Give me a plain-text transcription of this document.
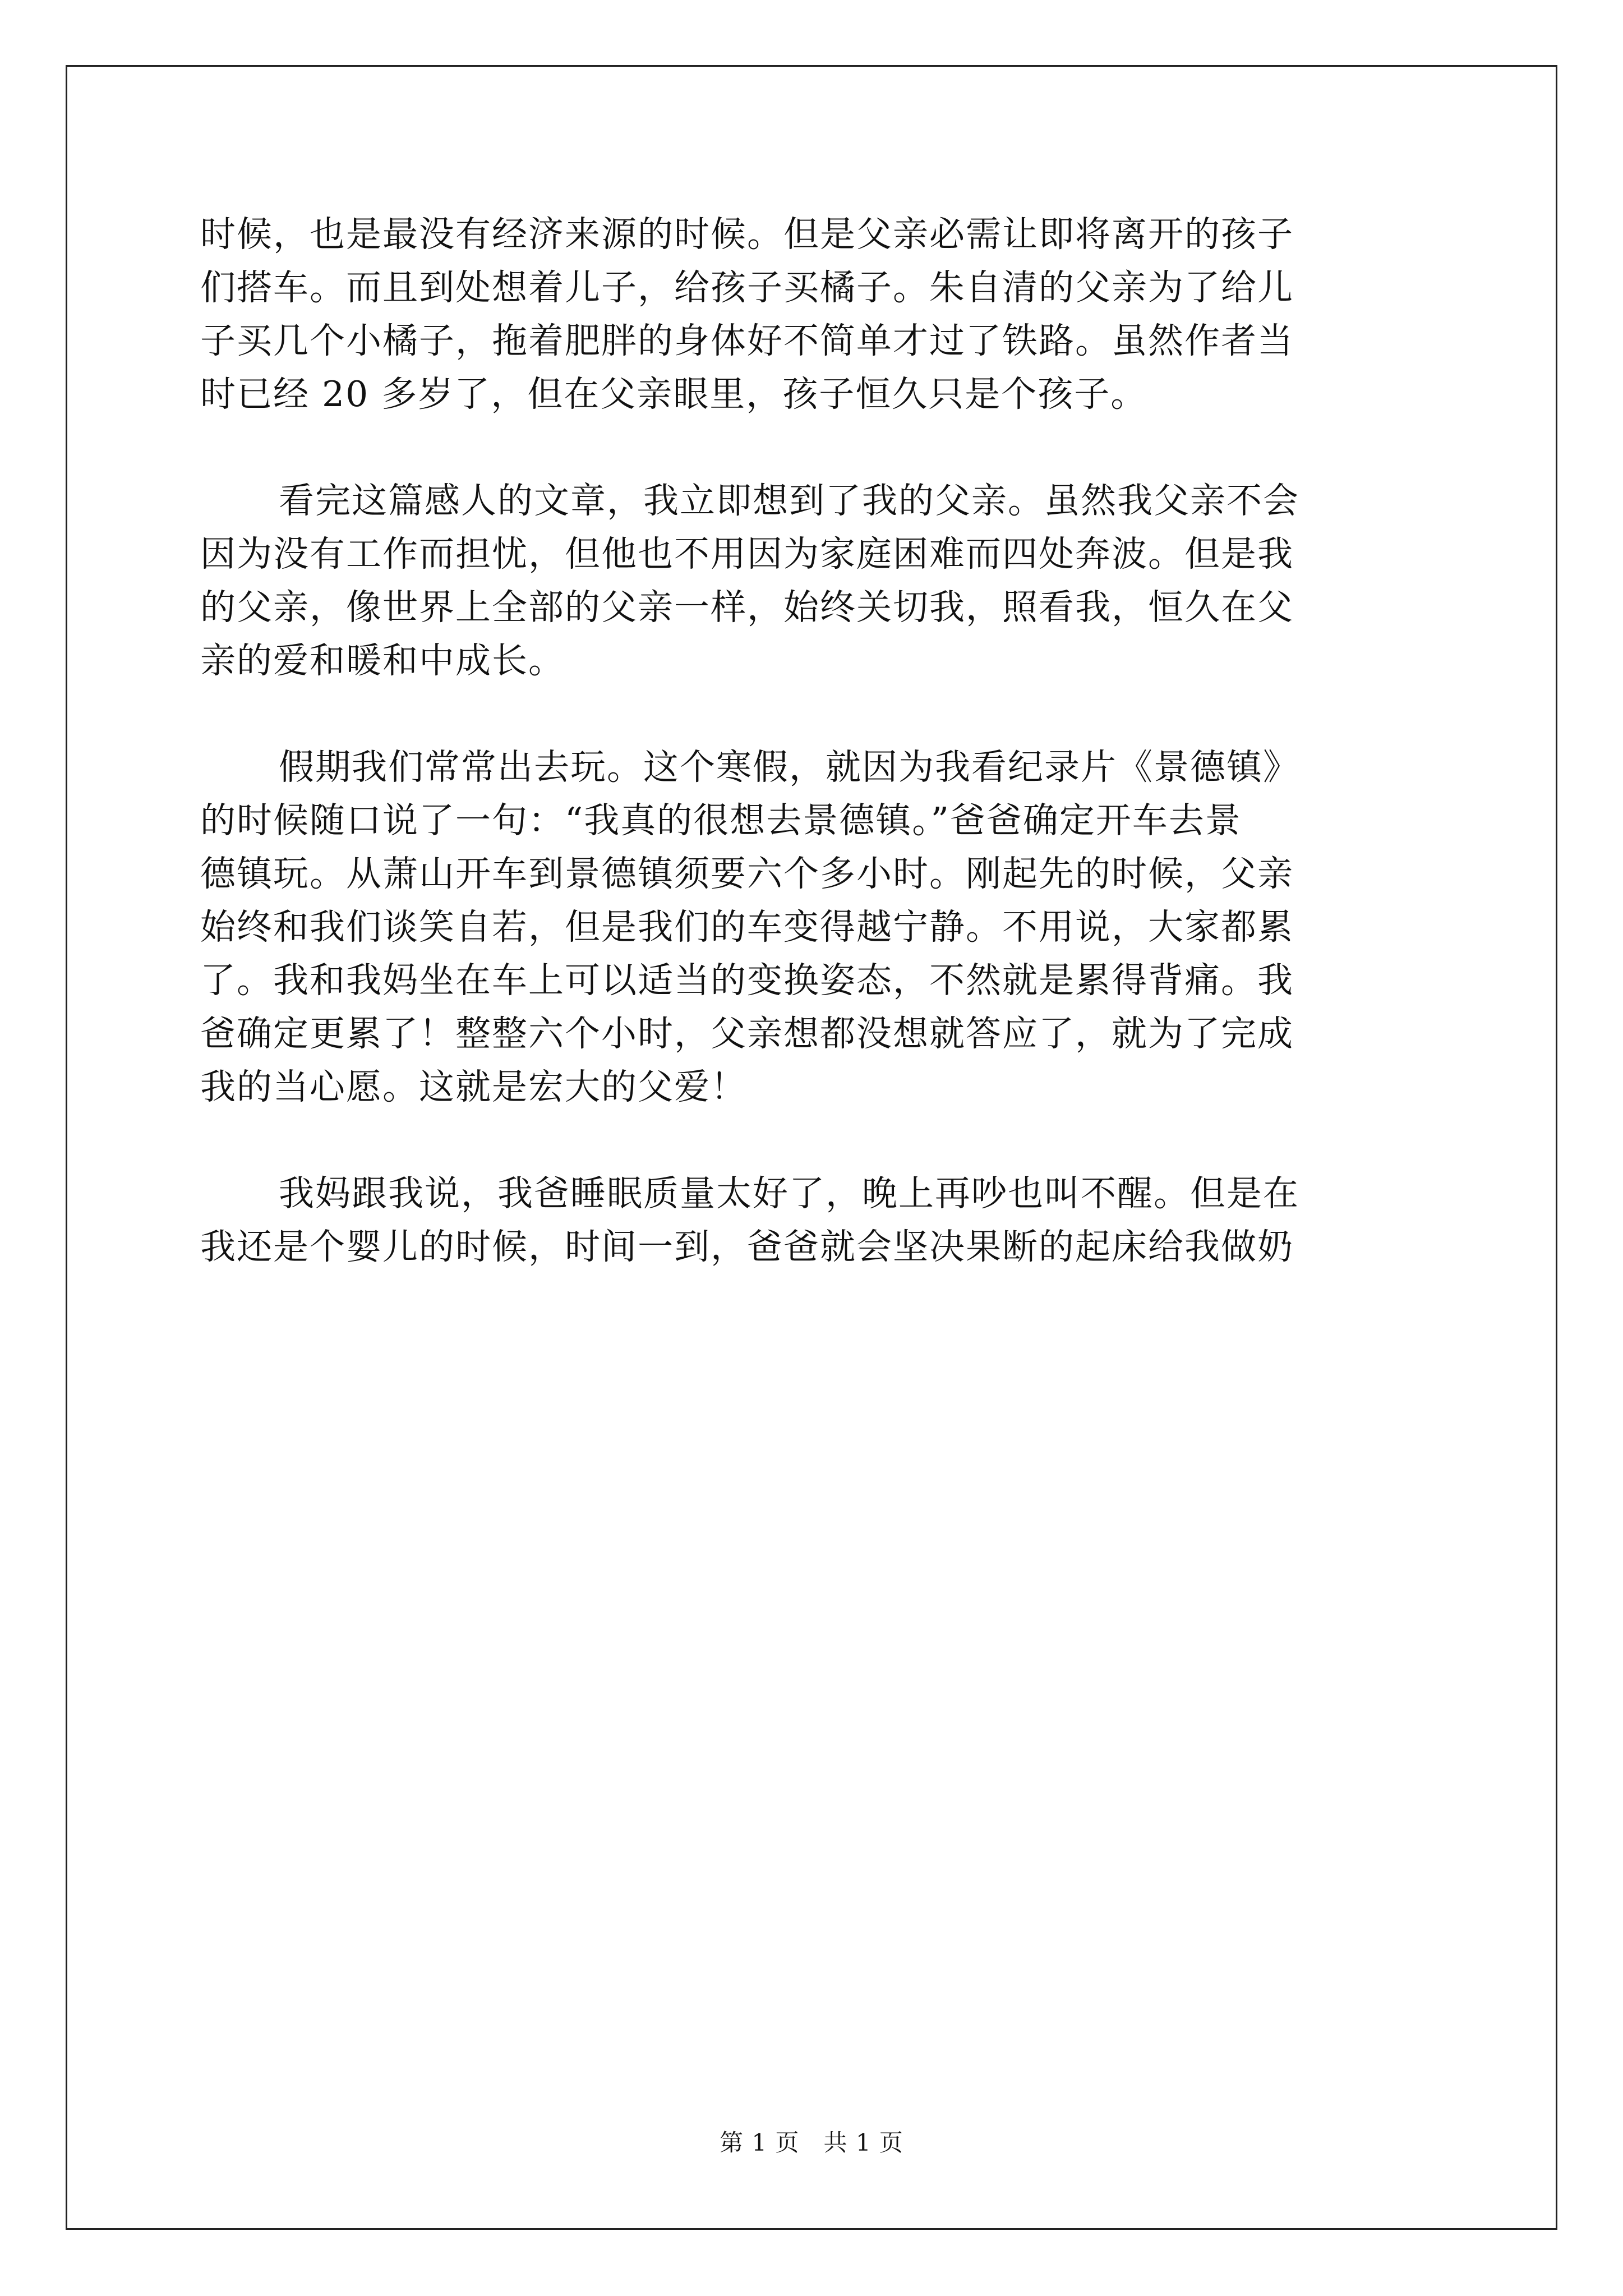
时候，也是最没有经济来源的时候。但是父亲必需让即将离开的孩子

们搭车。而且到处想着儿子，给孩子买橘子。朱自清的父亲为了给儿

子买几个小橘子，拖着肥胖的身体好不简单才过了铁路。虽然作者当

时已经 20 多岁了，但在父亲眼里，孩子恒久只是个孩子。

看完这篇感人的文章，我立即想到了我的父亲。虽然我父亲不会

因为没有工作而担忧，但他也不用因为家庭困难而四处奔波。但是我

的父亲，像世界上全部的父亲一样，始终关切我，照看我，恒久在父

亲的爱和暖和中成长。

假期我们常常出去玩。这个寒假，就因为我看纪录片《景德镇》

的时候随口说了一句：“我真的很想去景德镇。”爸爸确定开车去景

德镇玩。从萧山开车到景德镇须要六个多小时。刚起先的时候，父亲

始终和我们谈笑自若，但是我们的车变得越宁静。不用说，大家都累

了。我和我妈坐在车上可以适当的变换姿态，不然就是累得背痛。我

爸确定更累了！整整六个小时，父亲想都没想就答应了，就为了完成

我的当心愿。这就是宏大的父爱！

我妈跟我说，我爸睡眠质量太好了，晚上再吵也叫不醒。但是在

我还是个婴儿的时候，时间一到，爸爸就会坚决果断的起床给我做奶

第 1 页　共 1 页
